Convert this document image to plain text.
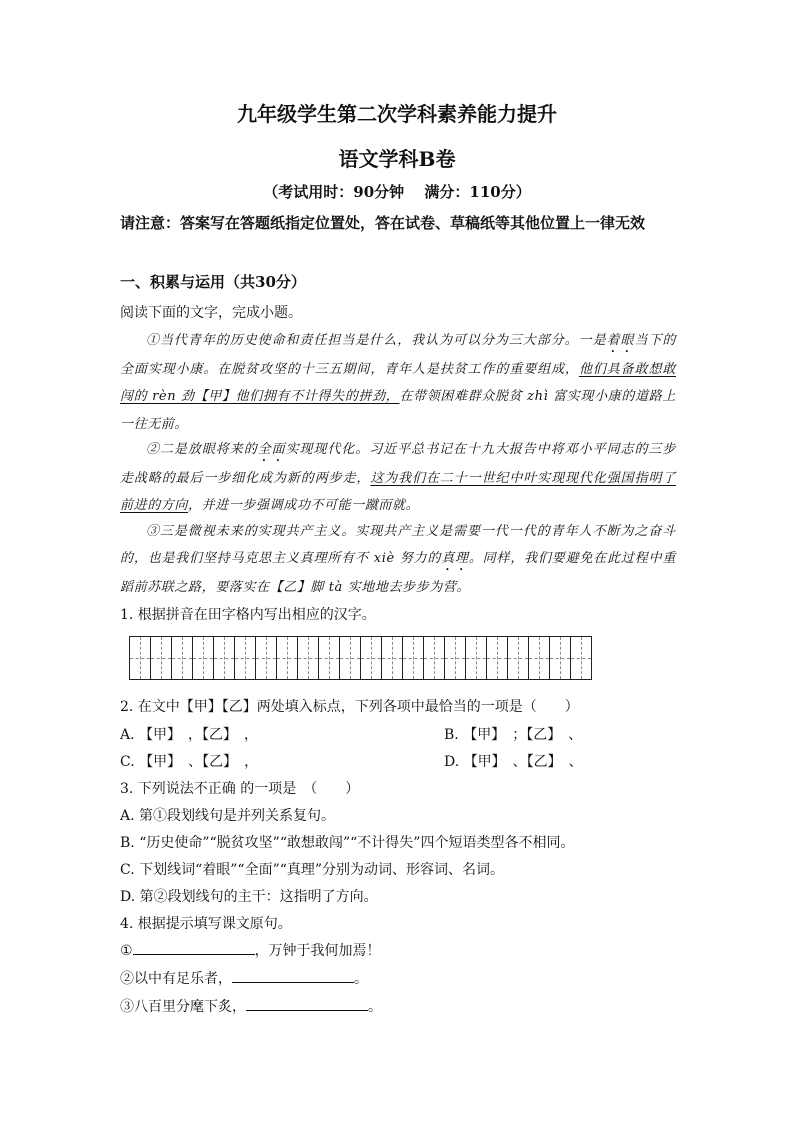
九年级学生第二次学科素养能力提升
语文学科B卷
（考试用时：90分钟　 满分：110分）
请注意：答案写在答题纸指定位置处，答在试卷、草稿纸等其他位置上一律无效
一、积累与运用（共30分）
阅读下面的文字，完成小题。
①当代青年的历史使命和责任担当是什么，我认为可以分为三大部分。一是着眼当下的全面实现小康。在脱贫攻坚的十三五期间，青年人是扶贫工作的重要组成，他们具备敢想敢闯的 rèn 劲【甲】他们拥有不计得失的拼劲，在带领困难群众脱贫 zhì 富实现小康的道路上一往无前。
②二是放眼将来的全面实现现代化。习近平总书记在十九大报告中将邓小平同志的三步走战略的最后一步细化成为新的两步走，这为我们在二十一世纪中叶实现现代化强国指明了前进的方向，并进一步强调成功不可能一蹴而就。
③三是微视未来的实现共产主义。实现共产主义是需要一代一代的青年人不断为之奋斗的，也是我们坚持马克思主义真理所有不 xiè 努力的真理。同样，我们要避免在此过程中重蹈前苏联之路，要落实在【乙】脚 tà 实地地去步步为营。
1. 根据拼音在田字格内写出相应的汉字。
2. 在文中【甲】【乙】两处填入标点，下列各项中最恰当的一项是（　　）
A. 【甲】　，【乙】　，	B. 【甲】　；【乙】　、
C. 【甲】　、【乙】　，	D. 【甲】　、【乙】　、
3. 下列说法不正确 的一项是　（　　）
A. 第①段划线句是并列关系复句。
B. “历史使命”“脱贫攻坚”“敢想敢闯”“不计得失”四个短语类型各不相同。
C. 下划线词“着眼”“全面”“真理”分别为动词、形容词、名词。
D. 第②段划线句的主干：这指明了方向。
4. 根据提示填写课文原句。
①	，万钟于我何加焉！
②以中有足乐者，	。
③八百里分麾下炙，	。
